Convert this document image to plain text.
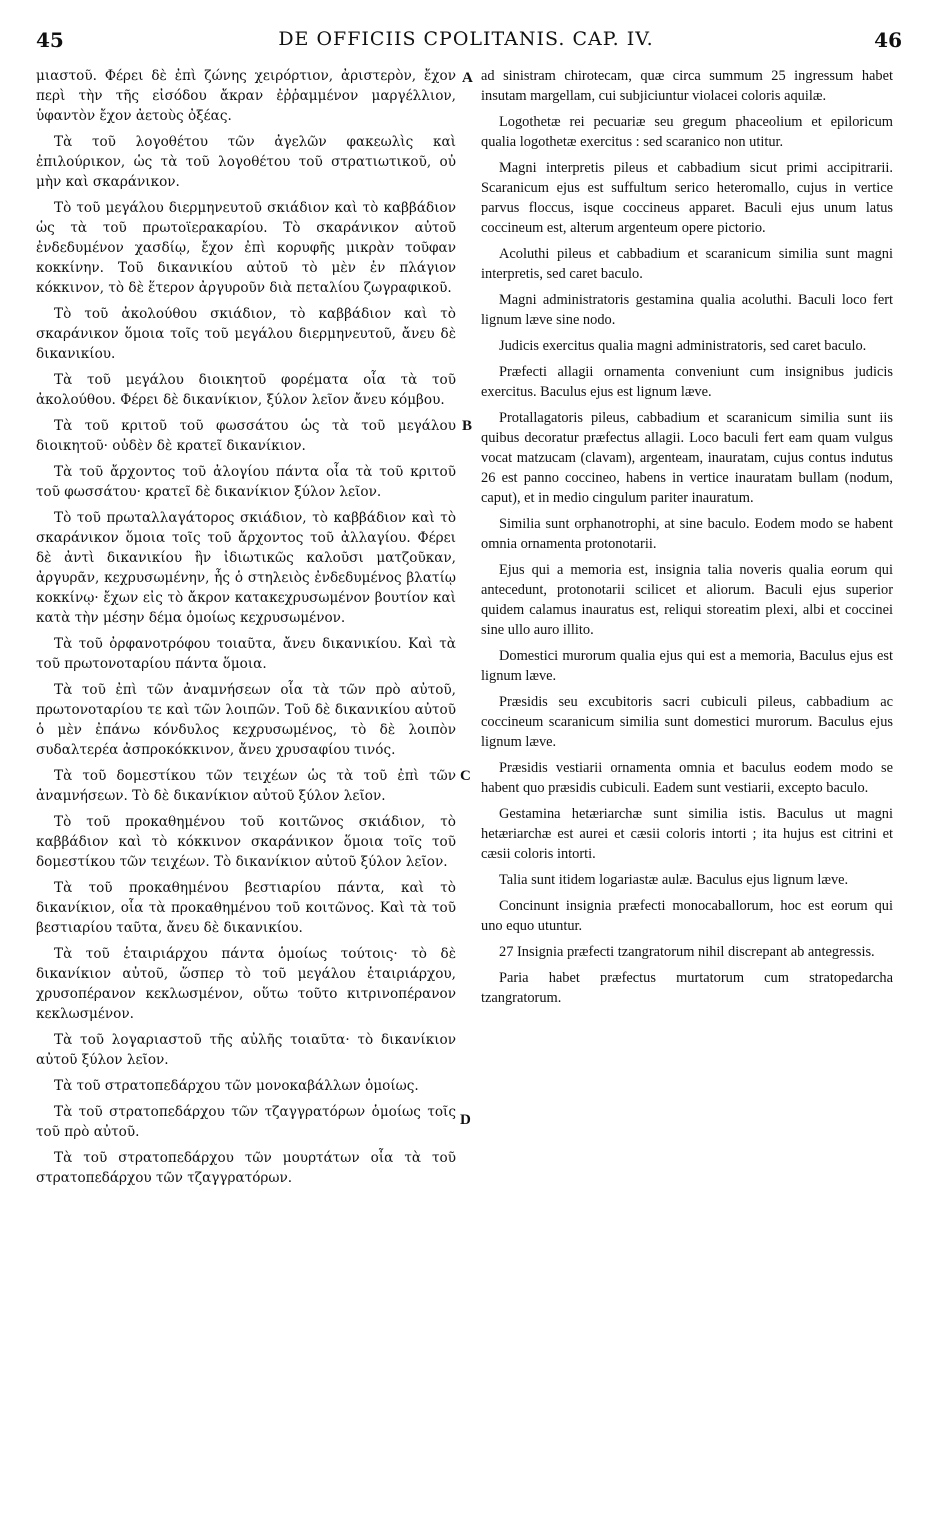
45	DE OFFICIIS CPOLITANIS. CAP. IV.	46

μιαστοῦ. Φέρει δὲ ἐπὶ ζώνης χειρόρτιον, ἀριστερὸν, ἔχον περὶ τὴν τῆς εἰσόδου ἄκραν ἐῤῥαμμένον μαργέλλιον, ὑφαντὸν ἔχον ἀετοὺς ὀξέας.

Τὰ τοῦ λογοθέτου τῶν ἀγελῶν φακεωλὶς καὶ ἐπιλούρικον, ὡς τὰ τοῦ λογοθέτου τοῦ στρατιωτικοῦ, οὐ μὴν καὶ σκαράνικον.

Τὸ τοῦ μεγάλου διερμηνευτοῦ σκιάδιον καὶ τὸ καββάδιον ὡς τὰ τοῦ πρωτοϊερακαρίου. Τὸ σκαράνικον αὐτοῦ ἐνδεδυμένον χασδίῳ, ἔχον ἐπὶ κορυφῆς μικρὰν τοῦφαν κοκκίνην. Τοῦ δικανικίου αὐτοῦ τὸ μὲν ἐν πλάγιον κόκκινον, τὸ δὲ ἕτερον ἀργυροῦν διὰ πεταλίου ζωγραφικοῦ.

Τὸ τοῦ ἀκολούθου σκιάδιον, τὸ καββάδιον καὶ τὸ σκαράνικον ὅμοια τοῖς τοῦ μεγάλου διερμηνευτοῦ, ἄνευ δὲ δικανικίου.

Τὰ τοῦ μεγάλου διοικητοῦ φορέματα οἷα τὰ τοῦ ἀκολούθου. Φέρει δὲ δικανίκιον, ξύλον λεῖον ἄνευ κόμβου.

Τὰ τοῦ κριτοῦ τοῦ φωσσάτου ὡς τὰ τοῦ μεγάλου διοικητοῦ· οὐδὲν δὲ κρατεῖ δικανίκιον.

Τὰ τοῦ ἄρχοντος τοῦ ἀλογίου πάντα οἷα τὰ τοῦ κριτοῦ τοῦ φωσσάτου· κρατεῖ δὲ δικανίκιον ξύλον λεῖον.

Τὸ τοῦ πρωταλλαγάτορος σκιάδιον, τὸ καββάδιον καὶ τὸ σκαράνικον ὅμοια τοῖς τοῦ ἄρχοντος τοῦ ἀλλαγίου. Φέρει δὲ ἀντὶ δικανικίου ἣν ἰδιωτικῶς καλοῦσι ματζοῦκαν, ἀργυρᾶν, κεχρυσωμένην, ἧς ὁ στηλειὸς ἐνδεδυμένος βλατίῳ κοκκίνῳ· ἔχων εἰς τὸ ἄκρον κατακεχρυσωμένον βουτίον καὶ κατὰ τὴν μέσην δέμα ὁμοίως κεχρυσωμένον.

Τὰ τοῦ ὀρφανοτρόφου τοιαῦτα, ἄνευ δικανικίου. Καὶ τὰ τοῦ πρωτονοταρίου πάντα ὅμοια.

Τὰ τοῦ ἐπὶ τῶν ἀναμνήσεων οἷα τὰ τῶν πρὸ αὐτοῦ, πρωτονοταρίου τε καὶ τῶν λοιπῶν. Τοῦ δὲ δικανικίου αὐτοῦ ὁ μὲν ἐπάνω κόνδυλος κεχρυσωμένος, τὸ δὲ λοιπὸν συδαλτερέα ἀσπροκόκκινον, ἄνευ χρυσαφίου τινός.

Τὰ τοῦ δομεστίκου τῶν τειχέων ὡς τὰ τοῦ ἐπὶ τῶν ἀναμνήσεων. Τὸ δὲ δικανίκιον αὐτοῦ ξύλον λεῖον.

Τὸ τοῦ προκαθημένου τοῦ κοιτῶνος σκιάδιον, τὸ καββάδιον καὶ τὸ κόκκινον σκαράνικον ὅμοια τοῖς τοῦ δομεστίκου τῶν τειχέων. Τὸ δικανίκιον αὐτοῦ ξύλον λεῖον.

Τὰ τοῦ προκαθημένου βεστιαρίου πάντα, καὶ τὸ δικανίκιον, οἷα τὰ προκαθημένου τοῦ κοιτῶνος. Καὶ τὰ τοῦ βεστιαρίου ταῦτα, ἄνευ δὲ δικανικίου.

Τὰ τοῦ ἑταιριάρχου πάντα ὁμοίως τούτοις· τὸ δὲ δικανίκιον αὐτοῦ, ὥσπερ τὸ τοῦ μεγάλου ἑταιριάρχου, χρυσοπέρανον κεκλωσμένον, οὕτω τοῦτο κιτρινοπέρανον κεκλωσμένον.

Τὰ τοῦ λογαριαστοῦ τῆς αὐλῆς τοιαῦτα· τὸ δικανίκιον αὐτοῦ ξύλον λεῖον.

Τὰ τοῦ στρατοπεδάρχου τῶν μονοκαβάλλων ὁμοίως.

Τὰ τοῦ στρατοπεδάρχου τῶν τζαγγρατόρων ὁμοίως τοῖς τοῦ πρὸ αὐτοῦ.

Τὰ τοῦ στρατοπεδάρχου τῶν μουρτάτων οἷα τὰ τοῦ στρατοπεδάρχου τῶν τζαγγρατόρων.

A
B
C
D

ad sinistram chirotecam, quæ circa summum 25 ingressum habet insutam margellam, cui subjiciuntur violacei coloris aquilæ.

Logothetæ rei pecuariæ seu gregum phaceolium et epiloricum qualia logothetæ exercitus : sed scaranico non utitur.

Magni interpretis pileus et cabbadium sicut primi accipitrarii. Scaranicum ejus est suffultum serico heteromallo, cujus in vertice parvus floccus, isque coccineus apparet. Baculi ejus unum latus coccineum est, alterum argenteum opere pictorio.

Acoluthi pileus et cabbadium et scaranicum similia sunt magni interpretis, sed caret baculo.

Magni administratoris gestamina qualia acoluthi. Baculi loco fert lignum læve sine nodo.

Judicis exercitus qualia magni administratoris, sed caret baculo.

Præfecti allagii ornamenta conveniunt cum insignibus judicis exercitus. Baculus ejus est lignum læve.

Protallagatoris pileus, cabbadium et scaranicum similia sunt iis quibus decoratur præfectus allagii. Loco baculi fert eam quam vulgus vocat matzucam (clavam), argenteam, inauratam, cujus contus indutus 26 est panno coccineo, habens in vertice inauratam bullam (nodum, caput), et in medio cingulum pariter inauratum.

Similia sunt orphanotrophi, at sine baculo. Eodem modo se habent omnia ornamenta protonotarii.

Ejus qui a memoria est, insignia talia noveris qualia eorum qui antecedunt, protonotarii scilicet et aliorum. Baculi ejus superior quidem calamus inauratus est, reliqui storeatim plexi, albi et coccinei sine ullo auro illito.

Domestici murorum qualia ejus qui est a memoria, Baculus ejus est lignum læve.

Præsidis seu excubitoris sacri cubiculi pileus, cabbadium ac coccineum scaranicum similia sunt domestici murorum. Baculus ejus lignum læve.

Præsidis vestiarii ornamenta omnia et baculus eodem modo se habent quo præsidis cubiculi. Eadem sunt vestiarii, excepto baculo.

Gestamina hetæriarchæ sunt similia istis. Baculus ut magni hetæriarchæ est aurei et cæsii coloris intorti ; ita hujus est citrini et cæsii coloris intorti.

Talia sunt itidem logariastæ aulæ. Baculus ejus lignum læve.

Concinunt insignia præfecti monocaballorum, hoc est eorum qui uno equo utuntur.

27 Insignia præfecti tzangratorum nihil discrepant ab antegressis.

Paria habet præfectus murtatorum cum stratopedarcha tzangratorum.
